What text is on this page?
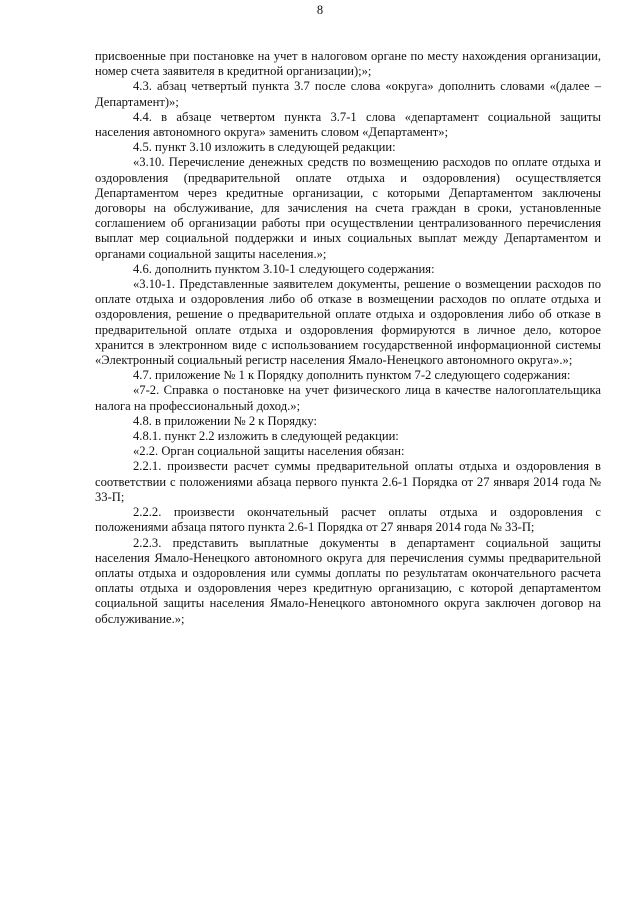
8

присвоенные при постановке на учет в налоговом органе по месту нахождения организации, номер счета заявителя в кредитной организации);»;

4.3. абзац четвертый пункта 3.7 после слова «округа» дополнить словами «(далее – Департамент)»;

4.4. в абзаце четвертом пункта 3.7-1 слова «департамент социальной защиты населения автономного округа» заменить словом «Департамент»;

4.5. пункт 3.10 изложить в следующей редакции:

«3.10. Перечисление денежных средств по возмещению расходов по оплате отдыха и оздоровления (предварительной оплате отдыха и оздоровления) осуществляется Департаментом через кредитные организации, с которыми Департаментом заключены договоры на обслуживание, для зачисления на счета граждан в сроки, установленные соглашением об организации работы при осуществлении централизованного перечисления выплат мер социальной поддержки и иных социальных выплат между Департаментом и органами социальной защиты населения.»;

4.6. дополнить пунктом 3.10-1 следующего содержания:

«3.10-1. Представленные заявителем документы, решение о возмещении расходов по оплате отдыха и оздоровления либо об отказе в возмещении расходов по оплате отдыха и оздоровления, решение о предварительной оплате отдыха и оздоровления либо об отказе в предварительной оплате отдыха и оздоровления формируются в личное дело, которое хранится в электронном виде с использованием государственной информационной системы «Электронный социальный регистр населения Ямало-Ненецкого автономного округа».»;

4.7. приложение № 1 к Порядку дополнить пунктом 7-2 следующего содержания:

«7-2. Справка о постановке на учет физического лица в качестве налогоплательщика налога на профессиональный доход.»;

4.8. в приложении № 2 к Порядку:

4.8.1. пункт 2.2 изложить в следующей редакции:

«2.2. Орган социальной защиты населения обязан:

2.2.1. произвести расчет суммы предварительной оплаты отдыха и оздоровления в соответствии с положениями абзаца первого пункта 2.6-1 Порядка от 27 января 2014 года № 33-П;

2.2.2. произвести окончательный расчет оплаты отдыха и оздоровления с положениями абзаца пятого пункта 2.6-1 Порядка от 27 января 2014 года № 33-П;

2.2.3. представить выплатные документы в департамент социальной защиты населения Ямало-Ненецкого автономного округа для перечисления суммы предварительной оплаты отдыха и оздоровления или суммы доплаты по результатам окончательного расчета оплаты отдыха и оздоровления через кредитную организацию, с которой департаментом социальной защиты населения Ямало-Ненецкого автономного округа заключен договор на обслуживание.»;
